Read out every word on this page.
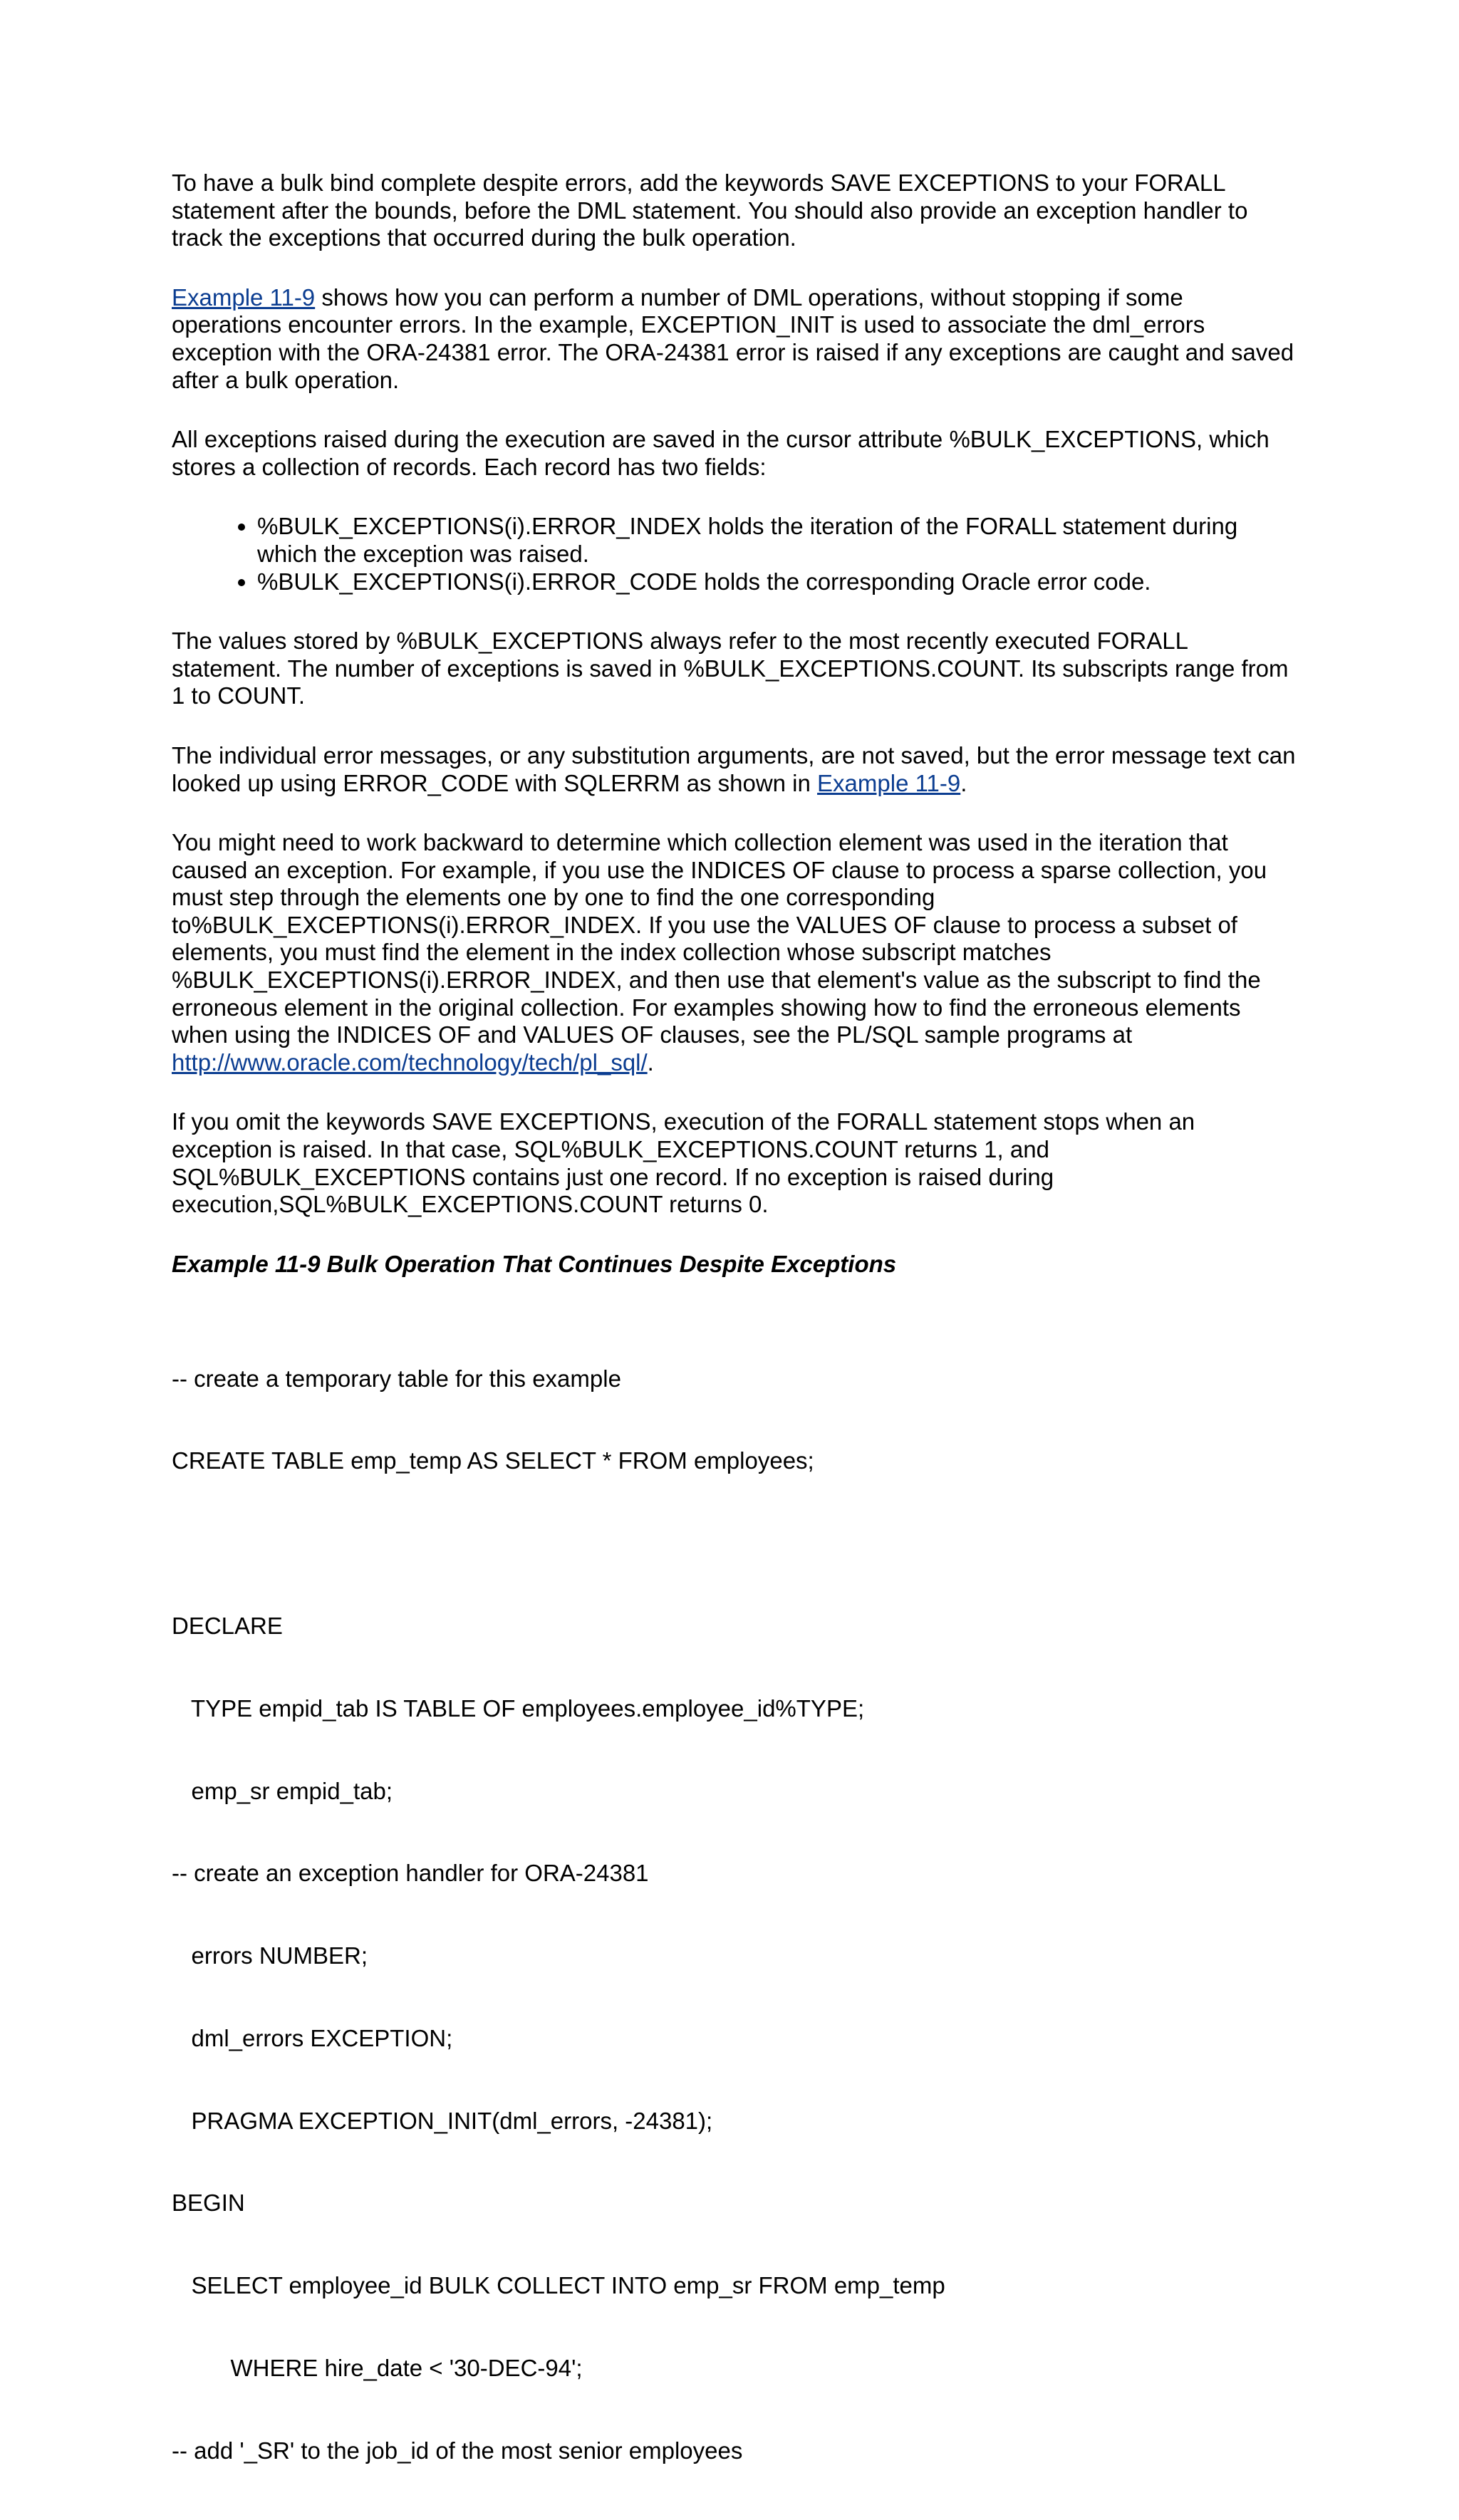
To have a bulk bind complete despite errors, add the keywords SAVE EXCEPTIONS to your FORALL statement after the bounds, before the DML statement. You should also provide an exception handler to track the exceptions that occurred during the bulk operation.

Example 11-9 shows how you can perform a number of DML operations, without stopping if some operations encounter errors. In the example, EXCEPTION_INIT is used to associate the dml_errors exception with the ORA-24381 error. The ORA-24381 error is raised if any exceptions are caught and saved after a bulk operation.

All exceptions raised during the execution are saved in the cursor attribute %BULK_EXCEPTIONS, which stores a collection of records. Each record has two fields:

• %BULK_EXCEPTIONS(i).ERROR_INDEX holds the iteration of the FORALL statement during which the exception was raised.
• %BULK_EXCEPTIONS(i).ERROR_CODE holds the corresponding Oracle error code.

The values stored by %BULK_EXCEPTIONS always refer to the most recently executed FORALL statement. The number of exceptions is saved in %BULK_EXCEPTIONS.COUNT. Its subscripts range from 1 to COUNT.

The individual error messages, or any substitution arguments, are not saved, but the error message text can looked up using ERROR_CODE with SQLERRM as shown in Example 11-9.

You might need to work backward to determine which collection element was used in the iteration that caused an exception. For example, if you use the INDICES OF clause to process a sparse collection, you must step through the elements one by one to find the one corresponding to%BULK_EXCEPTIONS(i).ERROR_INDEX. If you use the VALUES OF clause to process a subset of elements, you must find the element in the index collection whose subscript matches %BULK_EXCEPTIONS(i).ERROR_INDEX, and then use that element's value as the subscript to find the erroneous element in the original collection. For examples showing how to find the erroneous elements when using the INDICES OF and VALUES OF clauses, see the PL/SQL sample programs at http://www.oracle.com/technology/tech/pl_sql/.

If you omit the keywords SAVE EXCEPTIONS, execution of the FORALL statement stops when an exception is raised. In that case, SQL%BULK_EXCEPTIONS.COUNT returns 1, and SQL%BULK_EXCEPTIONS contains just one record. If no exception is raised during execution,SQL%BULK_EXCEPTIONS.COUNT returns 0.

Example 11-9 Bulk Operation That Continues Despite Exceptions

-- create a temporary table for this example

CREATE TABLE emp_temp AS SELECT * FROM employees;

DECLARE

TYPE empid_tab IS TABLE OF employees.employee_id%TYPE;

emp_sr empid_tab;

-- create an exception handler for ORA-24381

errors NUMBER;

dml_errors EXCEPTION;

PRAGMA EXCEPTION_INIT(dml_errors, -24381);

BEGIN

SELECT employee_id BULK COLLECT INTO emp_sr FROM emp_temp

WHERE hire_date < '30-DEC-94';

-- add '_SR' to the job_id of the most senior employees
